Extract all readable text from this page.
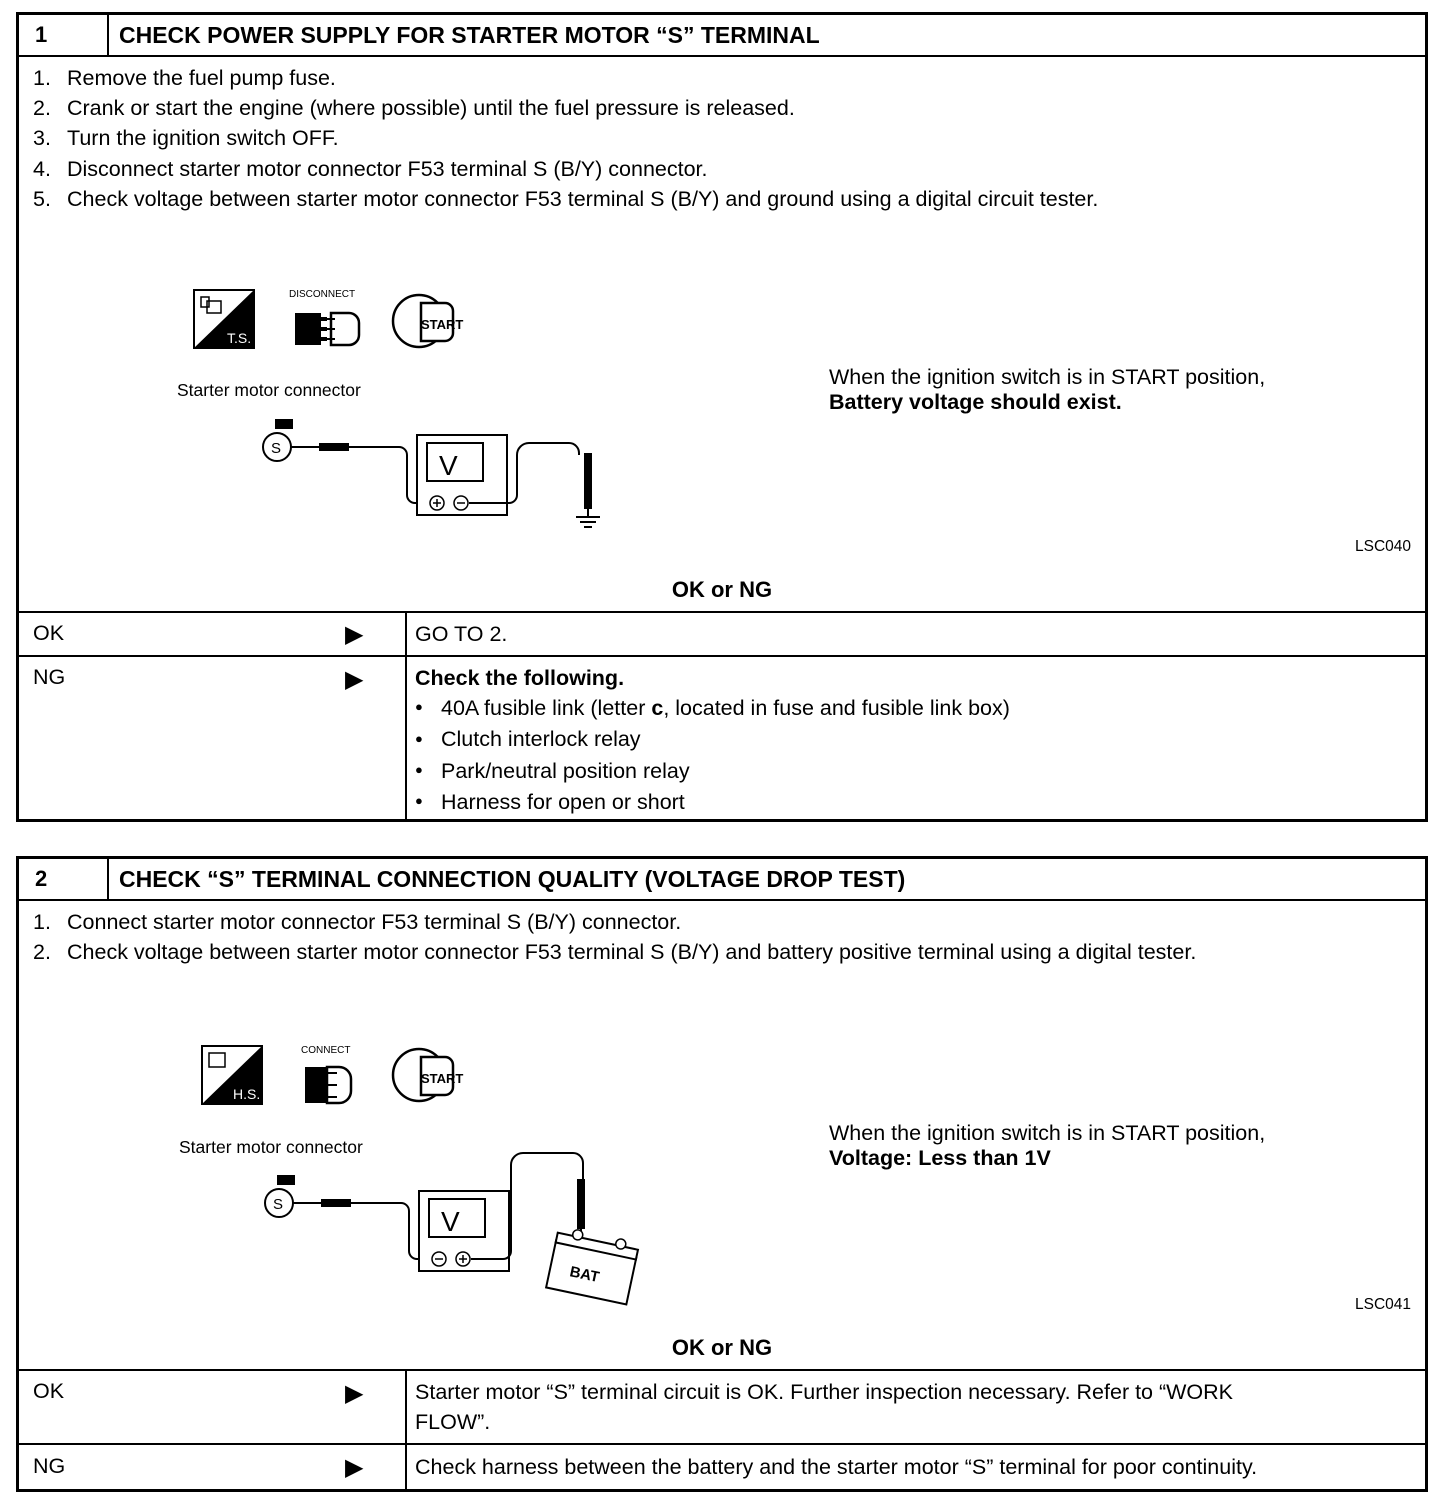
1	CHECK POWER SUPPLY FOR STARTER MOTOR “S” TERMINAL
1. Remove the fuel pump fuse.
2. Crank or start the engine (where possible) until the fuel pressure is released.
3. Turn the ignition switch OFF.
4. Disconnect starter motor connector F53 terminal S (B/Y) connector.
5. Check voltage between starter motor connector F53 terminal S (B/Y) and ground using a digital circuit tester.
T.S.
DISCONNECT
START
Starter motor connector
S
V
When the ignition switch is in START position,
Battery voltage should exist.
LSC040
OK or NG
OK	▶ GO TO 2.
NG	▶ Check the following.
● 40A fusible link (letter c, located in fuse and fusible link box)
● Clutch interlock relay
● Park/neutral position relay
● Harness for open or short
2	CHECK “S” TERMINAL CONNECTION QUALITY (VOLTAGE DROP TEST)
1. Connect starter motor connector F53 terminal S (B/Y) connector.
2. Check voltage between starter motor connector F53 terminal S (B/Y) and battery positive terminal using a digital tester.
H.S.
CONNECT
START
Starter motor connector
S
V
BAT
When the ignition switch is in START position,
Voltage: Less than 1V
LSC041
OK or NG
OK	▶ Starter motor “S” terminal circuit is OK. Further inspection necessary. Refer to “WORK
FLOW”.
NG	▶ Check harness between the battery and the starter motor “S” terminal for poor continuity.
